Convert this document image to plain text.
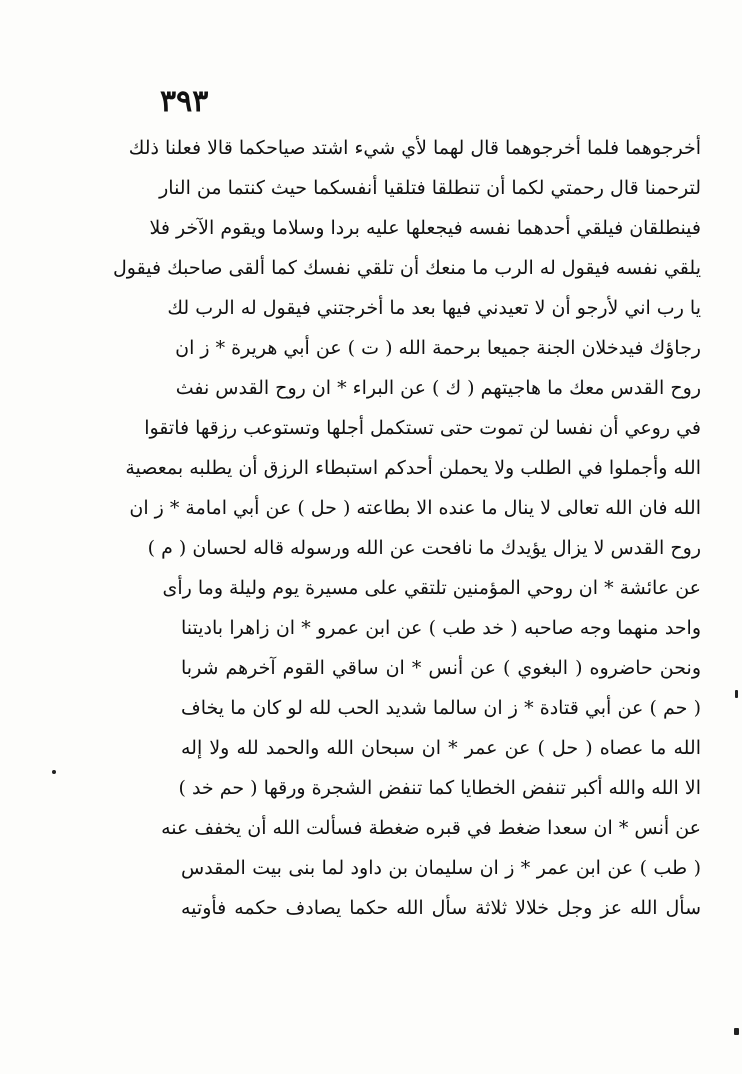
٣٩٣
أخرجوهما فلما أخرجوهما قال لهما لأي شيء اشتد صياحكما قالا فعلنا ذلك
لترحمنا قال رحمتي لكما أن تنطلقا فتلقيا أنفسكما حيث كنتما من النار
فينطلقان فيلقي أحدهما نفسه فيجعلها عليه بردا وسلاما ويقوم الآخر فلا
يلقي نفسه فيقول له الرب ما منعك أن تلقي نفسك كما ألقى صاحبك فيقول
يا رب اني لأرجو أن لا تعيدني فيها بعد ما أخرجتني فيقول له الرب لك
رجاؤك فيدخلان الجنة جميعا برحمة الله ( ت ) عن أبي هريرة * ز ان
روح القدس معك ما هاجيتهم ( ك ) عن البراء * ان روح القدس نفث
في روعي أن نفسا لن تموت حتى تستكمل أجلها وتستوعب رزقها فاتقوا
الله وأجملوا في الطلب ولا يحملن أحدكم استبطاء الرزق أن يطلبه بمعصية
الله فان الله تعالى لا ينال ما عنده الا بطاعته ( حل ) عن أبي امامة * ز ان
روح القدس لا يزال يؤيدك ما نافحت عن الله ورسوله قاله لحسان ( م )
عن عائشة * ان روحي المؤمنين تلتقي على مسيرة يوم وليلة وما رأى
واحد منهما وجه صاحبه ( خد طب ) عن ابن عمرو * ان زاهرا باديتنا
ونحن حاضروه ( البغوي ) عن أنس * ان ساقي القوم آخرهم شربا
( حم ) عن أبي قتادة * ز ان سالما شديد الحب لله لو كان ما يخاف
الله ما عصاه ( حل ) عن عمر * ان سبحان الله والحمد لله ولا إله
الا الله والله أكبر تنفض الخطايا كما تنفض الشجرة ورقها ( حم خد )
عن أنس * ان سعدا ضغط في قبره ضغطة فسألت الله أن يخفف عنه
( طب ) عن ابن عمر * ز ان سليمان بن داود لما بنى بيت المقدس
سأل الله عز وجل خلالا ثلاثة سأل الله حكما يصادف حكمه فأوتيه
